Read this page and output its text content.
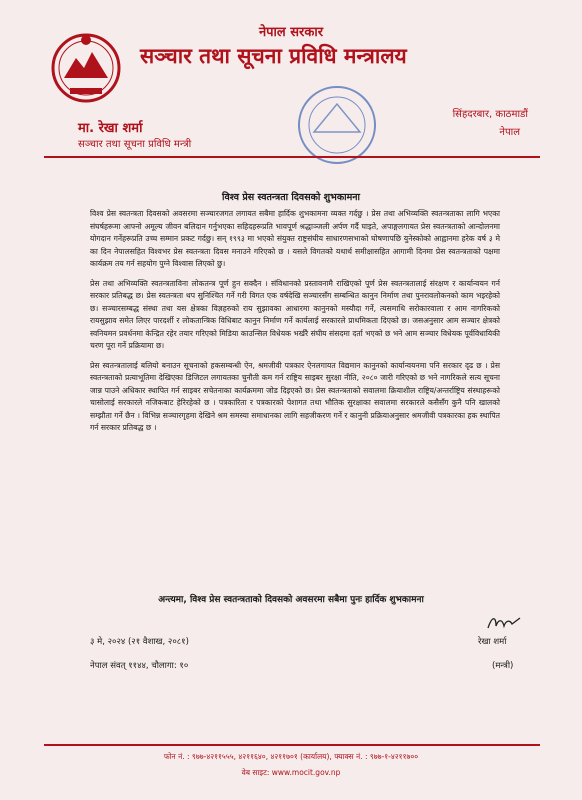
नेपाल सरकार
सञ्चार तथा सूचना प्रविधि मन्त्रालय
मा. रेखा शर्मा
सञ्चार तथा सूचना प्रविधि मन्त्री
सिंहदरबार, काठमाडौं
नेपाल
विश्व प्रेस स्वतन्त्रता दिवसको शुभकामना

विश्व प्रेस स्वतन्त्रता दिवसको अवसरमा सञ्चारजगत लगायत सबैमा हार्दिक शुभकामना व्यक्त गर्दछु । प्रेस तथा अभिव्यक्ति स्वतन्त्रताका लागि भएका संघर्षहरूमा आफ्नो अमूल्य जीवन बलिदान गर्नुभएका सहिदहरूप्रति भावपूर्ण श्रद्धाञ्जली अर्पण गर्दै घाइते, अपाङ्गलगायत प्रेस स्वतन्त्रताको आन्दोलनमा योगदान गर्नेहरूप्रति उच्च सम्मान प्रकट गर्दछु। सन् १९९३ मा भएको संयुक्त राष्ट्रसंघीय साधारणसभाको घोषणापछि युनेस्कोको आह्वानमा हरेक वर्ष ३ मे का दिन नेपालसहित विश्वभर प्रेस स्वतन्त्रता दिवस मनाउने गरिएको छ । यसले विगतको यथार्थ समीक्षासहित आगामी दिनमा प्रेस स्वतन्त्रताको पक्षमा कार्यक्रम तय गर्न सहयोग पुग्ने विश्वास लिएको छु।

प्रेस तथा अभिव्यक्ति स्वतन्त्रताविना लोकतन्त्र पूर्ण हुन सक्दैन । संविधानको प्रस्तावनामै राखिएको पूर्ण प्रेस स्वतन्त्रतालाई संरक्षण र कार्यान्वयन गर्न सरकार प्रतिबद्ध छ। प्रेस स्वतन्त्रता थप सुनिश्चित गर्ने गरी विगत एक वर्षदेखि सञ्चारसँग सम्बन्धित कानुन निर्माण तथा पुनरावलोकनको काम भइरहेको छ। सञ्चारसम्बद्ध संस्था तथा यस क्षेत्रका विज्ञहरुको राय सुझावका आधारमा कानुनको मस्यौदा गर्ने, त्यसमाथि सरोकारवाला र आम नागरिकको रायसुझाव समेत लिएर पारदर्शी र लोकतान्त्रिक विधिबाट कानुन निर्माण गर्ने कार्यलाई सरकारले प्राथमिकता दिएको छ। जसअनुसार आम सञ्चार क्षेत्रको स्वनियमन प्रवर्धनमा केन्द्रित रहेर तयार गरिएको मिडिया काउन्सिल विधेयक भर्खरै संघीय संसदमा दर्ता भएको छ भने आम सञ्चार विधेयक पूर्वविधायिकी चरण पूरा गर्ने प्रक्रियामा छ।

प्रेस स्वतन्त्रतालाई बलियो बनाउन सूचनाको हकसम्बन्धी ऐन, श्रमजीवी पत्रकार ऐनलगायत विद्यमान कानुनको कार्यान्वयनमा पनि सरकार दृढ छ । प्रेस स्वतन्त्रताको प्रत्याभूतिमा देखिएका डिजिटल लगायतका चुनौती कम गर्न राष्ट्रिय साइबर सुरक्षा नीति, २०८० जारी गरिएको छ भने नागरिकले सत्य सूचना जान्न पाउने अधिकार स्थापित गर्न साइबर सचेतनाका कार्यक्रममा जोड दिइएको छ। प्रेस स्वतन्त्रताको सवालमा क्रियाशील राष्ट्रिय/अन्तर्राष्ट्रिय संस्थाहरूको चासोलाई सरकारले नजिकबाट हेरिरहेको छ । पत्रकारिता र पत्रकारको पेशागत तथा भौतिक सुरक्षाका सवालमा सरकारले कसैसँग कुनै पनि खालको सम्झौता गर्ने छैन । विभिन्न सञ्चारगृहमा देखिने श्रम समस्या समाधानका लागि सहजीकरण गर्ने र कानुनी प्रक्रियाअनुसार श्रमजीवी पत्रकारका हक स्थापित गर्न सरकार प्रतिबद्ध छ ।

अन्त्यमा, विश्व प्रेस स्वतन्त्रताको दिवसको अवसरमा सबैमा पुनः हार्दिक शुभकामना
रेखा शर्मा
(मन्त्री)
३ मे, २०२४ (२१ वैशाख, २०८१)
नेपाल संवत् ११४४, चौलागा: १०
फोन नं. : ९७७-४२११५५५, ४२११६४०, ४२११७०१ (कार्यालय), फ्याक्स नं. : ९७७-१-४२११७००
वेब साइट: www.mocit.gov.np
